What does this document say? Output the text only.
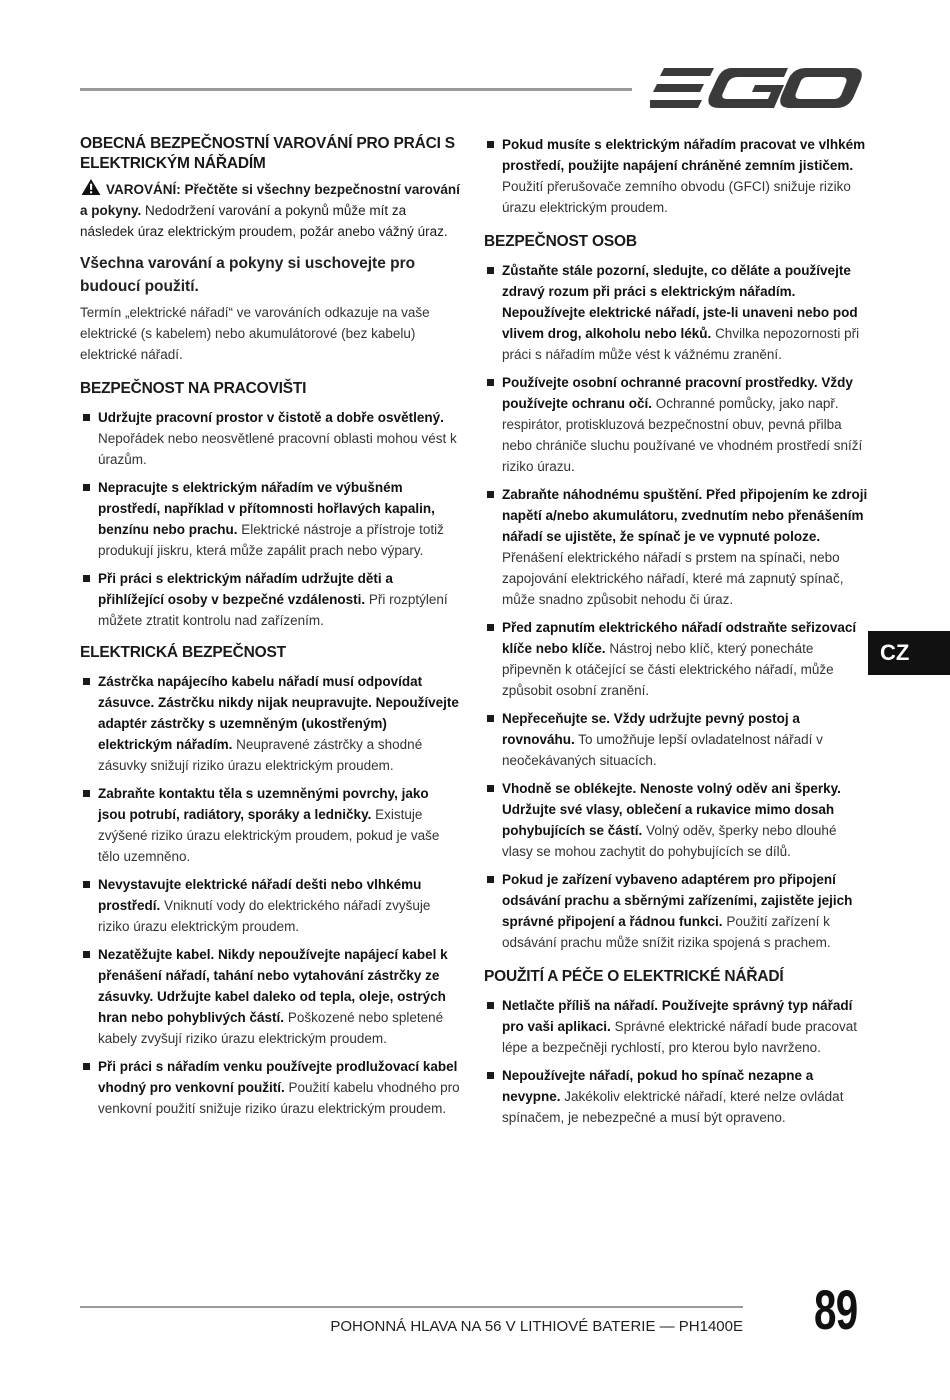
OBECNÁ BEZPEČNOSTNÍ VAROVÁNÍ PRO PRÁCI S ELEKTRICKÝM NÁŘADÍM
VAROVÁNÍ: Přečtěte si všechny bezpečnostní varování a pokyny. Nedodržení varování a pokynů může mít za následek úraz elektrickým proudem, požár anebo vážný úraz.
Všechna varování a pokyny si uschovejte pro budoucí použití.
Termín „elektrické nářadí“ ve varováních odkazuje na vaše elektrické (s kabelem) nebo akumulátorové (bez kabelu) elektrické nářadí.
BEZPEČNOST NA PRACOVIŠTI
Udržujte pracovní prostor v čistotě a dobře osvětlený. Nepořádek nebo neosvětlené pracovní oblasti mohou vést k úrazům.
Nepracujte s elektrickým nářadím ve výbušném prostředí, například v přítomnosti hořlavých kapalin, benzínu nebo prachu. Elektrické nástroje a přístroje totiž produkují jiskru, která může zapálit prach nebo výpary.
Při práci s elektrickým nářadím udržujte děti a přihlížející osoby v bezpečné vzdálenosti. Při rozptýlení můžete ztratit kontrolu nad zařízením.
ELEKTRICKÁ BEZPEČNOST
Zástrčka napájecího kabelu nářadí musí odpovídat zásuvce. Zástrčku nikdy nijak neupravujte. Nepoužívejte adaptér zástrčky s uzemněným (ukostřeným) elektrickým nářadím. Neupravené zástrčky a shodné zásuvky snižují riziko úrazu elektrickým proudem.
Zabraňte kontaktu těla s uzemněnými povrchy, jako jsou potrubí, radiátory, sporáky a ledničky. Existuje zvýšené riziko úrazu elektrickým proudem, pokud je vaše tělo uzemněno.
Nevystavujte elektrické nářadí dešti nebo vlhkému prostředí. Vniknutí vody do elektrického nářadí zvyšuje riziko úrazu elektrickým proudem.
Nezatěžujte kabel. Nikdy nepoužívejte napájecí kabel k přenášení nářadí, tahání nebo vytahování zástrčky ze zásuvky. Udržujte kabel daleko od tepla, oleje, ostrých hran nebo pohyblivých částí. Poškozené nebo spletené kabely zvyšují riziko úrazu elektrickým proudem.
Při práci s nářadím venku používejte prodlužovací kabel vhodný pro venkovní použití. Použití kabelu vhodného pro venkovní použití snižuje riziko úrazu elektrickým proudem.
Pokud musíte s elektrickým nářadím pracovat ve vlhkém prostředí, použijte napájení chráněné zemním jističem. Použití přerušovače zemního obvodu (GFCI) snižuje riziko úrazu elektrickým proudem.
BEZPEČNOST OSOB
Zůstaňte stále pozorní, sledujte, co děláte a používejte zdravý rozum při práci s elektrickým nářadím. Nepoužívejte elektrické nářadí, jste-li unaveni nebo pod vlivem drog, alkoholu nebo léků. Chvilka nepozornosti při práci s nářadím může vést k vážnému zranění.
Používejte osobní ochranné pracovní prostředky. Vždy používejte ochranu očí. Ochranné pomůcky, jako např. respirátor, protiskluzová bezpečnostní obuv, pevná přilba nebo chrániče sluchu používané ve vhodném prostředí sníží riziko úrazu.
Zabraňte náhodnému spuštění. Před připojením ke zdroji napětí a/nebo akumulátoru, zvednutím nebo přenášením nářadí se ujistěte, že spínač je ve vypnuté poloze. Přenášení elektrického nářadí s prstem na spínači, nebo zapojování elektrického nářadí, které má zapnutý spínač, může snadno způsobit nehodu či úraz.
Před zapnutím elektrického nářadí odstraňte seřizovací klíče nebo klíče. Nástroj nebo klíč, který ponecháte připevněn k otáčející se části elektrického nářadí, může způsobit osobní zranění.
Nepřeceňujte se. Vždy udržujte pevný postoj a rovnováhu. To umožňuje lepší ovladatelnost nářadí v neočekávaných situacích.
Vhodně se oblékejte. Nenoste volný oděv ani šperky. Udržujte své vlasy, oblečení a rukavice mimo dosah pohybujících se částí. Volný oděv, šperky nebo dlouhé vlasy se mohou zachytit do pohybujících se dílů.
Pokud je zařízení vybaveno adaptérem pro připojení odsávání prachu a sběrnými zařízeními, zajistěte jejich správné připojení a řádnou funkci. Použití zařízení k odsávání prachu může snížit rizika spojená s prachem.
POUŽITÍ A PÉČE O ELEKTRICKÉ NÁŘADÍ
Netlačte příliš na nářadí. Používejte správný typ nářadí pro vaši aplikaci. Správné elektrické nářadí bude pracovat lépe a bezpečněji rychlostí, pro kterou bylo navrženo.
Nepoužívejte nářadí, pokud ho spínač nezapne a nevypne. Jakékoliv elektrické nářadí, které nelze ovládat spínačem, je nebezpečné a musí být opraveno.
CZ
POHONNÁ HLAVA NA 56 V LITHIOVÉ BATERIE — PH1400E 89
